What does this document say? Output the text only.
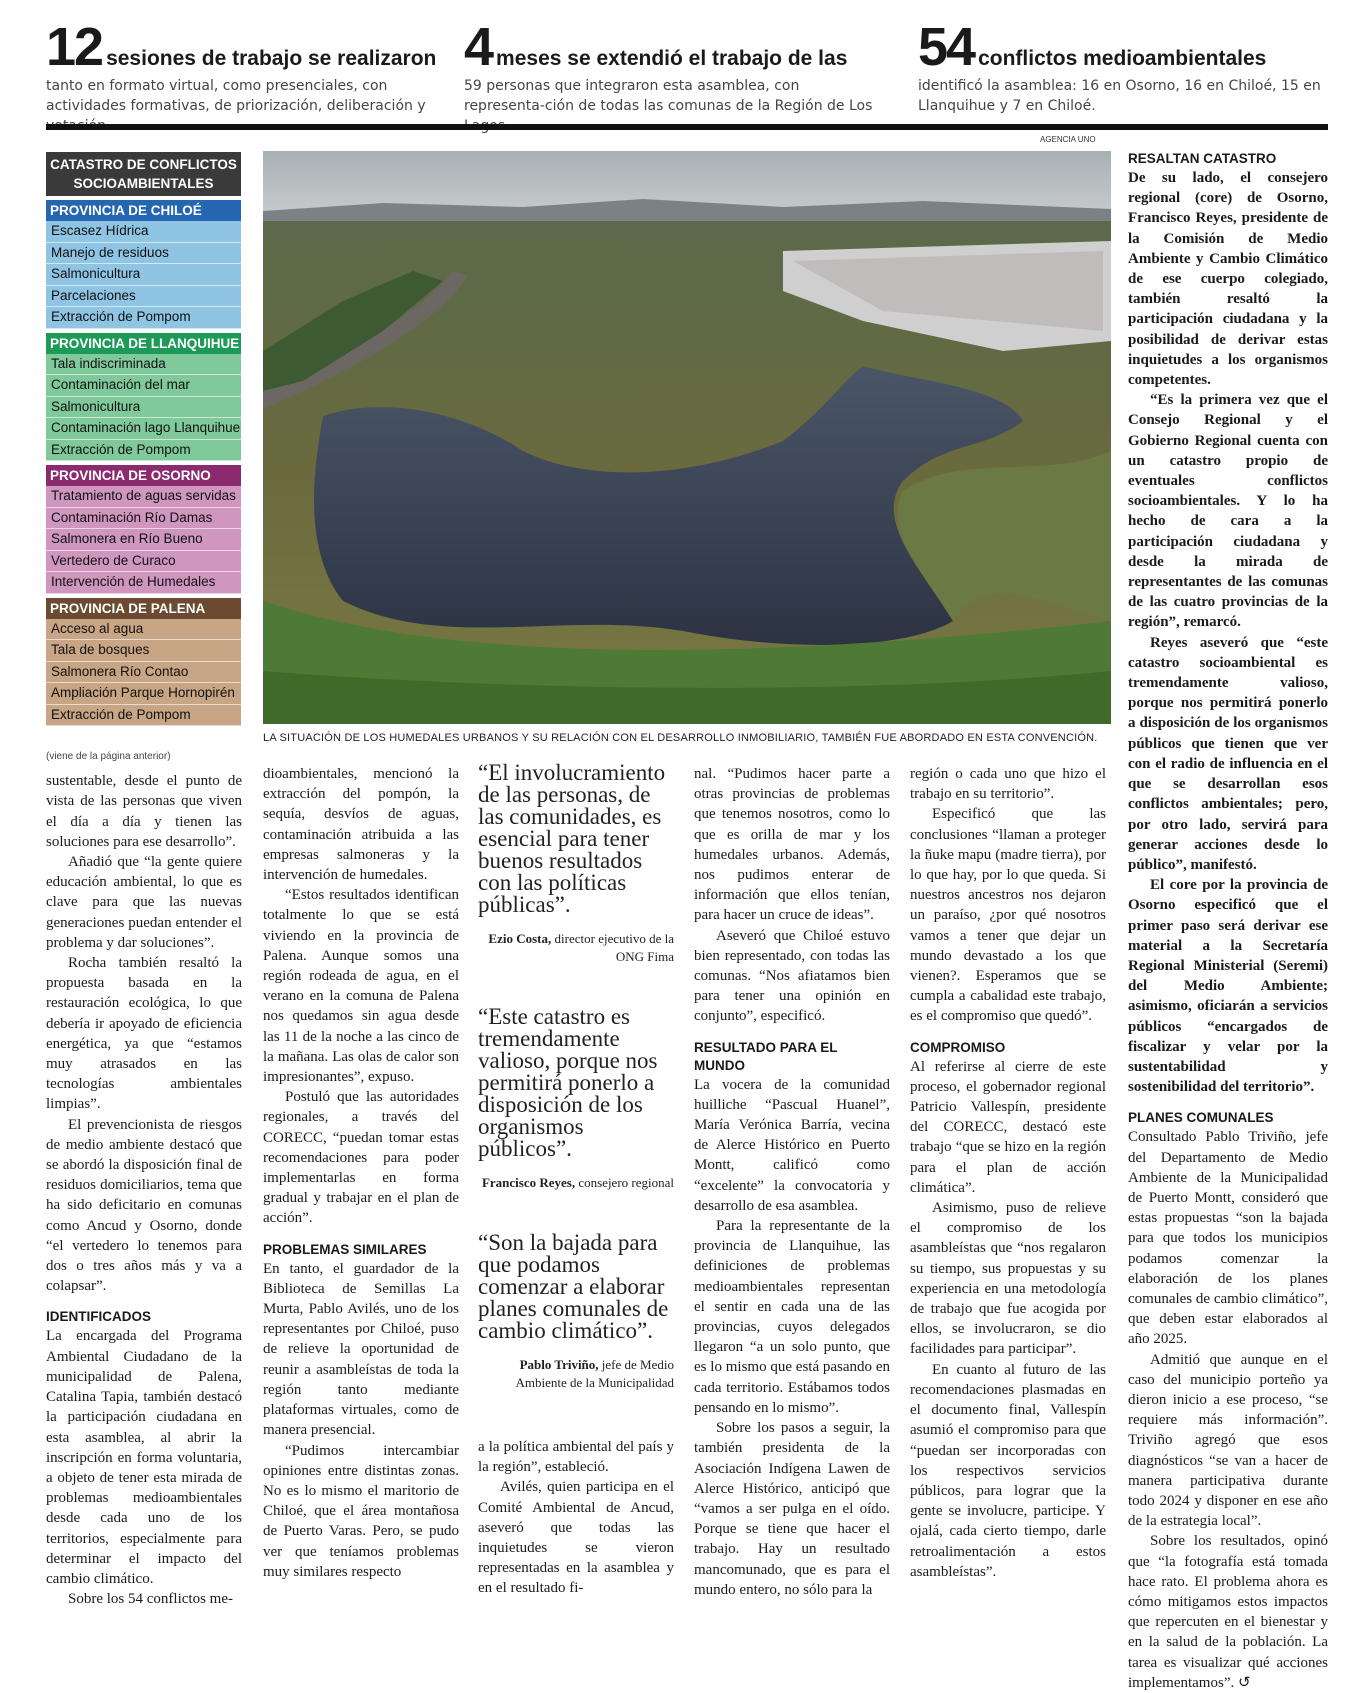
12 sesiones de trabajo se realizaron
tanto en formato virtual, como presenciales, con actividades formativas, de priorización, deliberación y
4 meses se extendió el trabajo de las
59 personas que integraron esta asamblea, con representa-ción de todas las comunas de la Región de Los
54 conflictos medioambientales
identificó la asamblea: 16 en Osorno, 16 en Chiloé, 15 en Llanquihue y 7 en Chiloé.
CATASTRO DE CONFLICTOS SOCIOAMBIENTALES
PROVINCIA DE CHILOÉ
Escasez Hídrica
Manejo de residuos
Salmonicultura
Parcelaciones
Extracción de Pompom
PROVINCIA DE LLANQUIHUE
Tala indiscriminada
Contaminación del mar
Salmonicultura
Contaminación lago Llanquihue
Extracción de Pompom
PROVINCIA DE OSORNO
Tratamiento de aguas servidas
Contaminación Río Damas
Salmonera en Río Bueno
Vertedero de Curaco
Intervención de Humedales
PROVINCIA DE PALENA
Acceso al agua
Tala de bosques
Salmonera Río Contao
Ampliación Parque Hornopirén
Extracción de Pompom
AGENCIA UNO
LA SITUACIÓN DE LOS HUMEDALES URBANOS Y SU RELACIÓN CON EL DESARROLLO INMOBILIARIO, TAMBIÉN FUE ABORDADO EN ESTA CONVENCIÓN.
(viene de la página anterior)

sustentable, desde el punto de vista de las personas que viven el día a día y tienen las soluciones para ese desarrollo”.

Añadió que “la gente quiere educación ambiental, lo que es clave para que las nuevas generaciones puedan entender el problema y dar soluciones”.

Rocha también resaltó la propuesta basada en la restauración ecológica, lo que debería ir apoyado de eficiencia energética, ya que “estamos muy atrasados en las tecnologías ambientales limpias”.

El prevencionista de riesgos de medio ambiente destacó que se abordó la disposición final de residuos domiciliarios, tema que ha sido deficitario en comunas como Ancud y Osorno, donde “el vertedero lo tenemos para dos o tres años más y va a colapsar”.

IDENTIFICADOS

La encargada del Programa Ambiental Ciudadano de la municipalidad de Palena, Catalina Tapia, también destacó la participación ciudadana en esta asamblea, al abrir la inscripción en forma voluntaria, a objeto de tener esta mirada de problemas medioambientales desde cada uno de los territorios, especialmente para determinar el impacto del cambio climático.

Sobre los 54 conflictos me-

dioambientales, mencionó la extracción del pompón, la sequía, desvíos de aguas, contaminación atribuida a las empresas salmoneras y la intervención de humedales.

“Estos resultados identifican totalmente lo que se está viviendo en la provincia de Palena. Aunque somos una región rodeada de agua, en el verano en la comuna de Palena nos quedamos sin agua desde las 11 de la noche a las cinco de la mañana. Las olas de calor son impresionantes”, expuso.

Postuló que las autoridades regionales, a través del CORECC, “puedan tomar estas recomendaciones para poder implementarlas en forma gradual y trabajar en el plan de acción”.

PROBLEMAS SIMILARES

En tanto, el guardador de la Biblioteca de Semillas La Murta, Pablo Avilés, uno de los representantes por Chiloé, puso de relieve la oportunidad de reunir a asambleístas de toda la región tanto mediante plataformas virtuales, como de manera presencial.

“Pudimos intercambiar opiniones entre distintas zonas. No es lo mismo el maritorio de Chiloé, que el área montañosa de Puerto Varas. Pero, se pudo ver que teníamos problemas muy similares respecto

“El involucramiento de las personas, de las comunidades, es esencial para tener buenos resultados con las políticas públicas”.
Ezio Costa, director ejecutivo de la ONG Fima
“Este catastro es tremendamente valioso, porque nos permitirá ponerlo a disposición de los organismos públicos”.
Francisco Reyes, consejero regional
“Son la bajada para que podamos comenzar a elaborar planes comunales de cambio climático”.
Pablo Triviño, jefe de Medio Ambiente de la Municipalidad

a la política ambiental del país y la región”, estableció.

Avilés, quien participa en el Comité Ambiental de Ancud, aseveró que todas las inquietudes se vieron representadas en la asamblea y en el resultado fi-

nal. “Pudimos hacer parte a otras provincias de problemas que tenemos nosotros, como lo que es orilla de mar y los humedales urbanos. Además, nos pudimos enterar de información que ellos tenían, para hacer un cruce de ideas”.

Aseveró que Chiloé estuvo bien representado, con todas las comunas. “Nos afiatamos bien para tener una opinión en conjunto”, especificó.

RESULTADO PARA EL MUNDO

La vocera de la comunidad huilliche “Pascual Huanel”, María Verónica Barría, vecina de Alerce Histórico en Puerto Montt, calificó como “excelente” la convocatoria y desarrollo de esa asamblea.

Para la representante de la provincia de Llanquihue, las definiciones de problemas medioambientales representan el sentir en cada una de las provincias, cuyos delegados llegaron “a un solo punto, que es lo mismo que está pasando en cada territorio. Estábamos todos pensando en lo mismo”.

Sobre los pasos a seguir, la también presidenta de la Asociación Indígena Lawen de Alerce Histórico, anticipó que “vamos a ser pulga en el oído. Porque se tiene que hacer el trabajo. Hay un resultado mancomunado, que es para el mundo entero, no sólo para la

región o cada uno que hizo el trabajo en su territorio”.

Especificó que las conclusiones “llaman a proteger la ñuke mapu (madre tierra), por lo que hay, por lo que queda. Si nuestros ancestros nos dejaron un paraíso, ¿por qué nosotros vamos a tener que dejar un mundo devastado a los que vienen?. Esperamos que se cumpla a cabalidad este trabajo, es el compromiso que quedó”.

COMPROMISO

Al referirse al cierre de este proceso, el gobernador regional Patricio Vallespín, presidente del CORECC, destacó este trabajo “que se hizo en la región para el plan de acción climática”.

Asimismo, puso de relieve el compromiso de los asambleístas que “nos regalaron su tiempo, sus propuestas y su experiencia en una metodología de trabajo que fue acogida por ellos, se involucraron, se dio facilidades para participar”.

En cuanto al futuro de las recomendaciones plasmadas en el documento final, Vallespín asumió el compromiso para que “puedan ser incorporadas con los respectivos servicios públicos, para lograr que la gente se involucre, participe. Y ojalá, cada cierto tiempo, darle retroalimentación a estos asambleístas”.

RESALTAN CATASTRO

De su lado, el consejero regional (core) de Osorno, Francisco Reyes, presidente de la Comisión de Medio Ambiente y Cambio Climático de ese cuerpo colegiado, también resaltó la participación ciudadana y la posibilidad de derivar estas inquietudes a los organismos competentes.

“Es la primera vez que el Consejo Regional y el Gobierno Regional cuenta con un catastro propio de eventuales conflictos socioambientales. Y lo ha hecho de cara a la participación ciudadana y desde la mirada de representantes de las comunas de las cuatro provincias de la región”, remarcó.

Reyes aseveró que “este catastro socioambiental es tremendamente valioso, porque nos permitirá ponerlo a disposición de los organismos públicos que tienen que ver con el radio de influencia en el que se desarrollan esos conflictos ambientales; pero, por otro lado, servirá para generar acciones desde lo público”, manifestó.

El core por la provincia de Osorno especificó que el primer paso será derivar ese material a la Secretaría Regional Ministerial (Seremi) del Medio Ambiente; asimismo, oficiarán a servicios públicos “encargados de fiscalizar y velar por la sustentabilidad y sostenibilidad del territorio”.

PLANES COMUNALES

Consultado Pablo Triviño, jefe del Departamento de Medio Ambiente de la Municipalidad de Puerto Montt, consideró que estas propuestas “son la bajada para que todos los municipios podamos comenzar la elaboración de los planes comunales de cambio climático”, que deben estar elaborados al año 2025.

Admitió que aunque en el caso del municipio porteño ya dieron inicio a ese proceso, “se requiere más información”. Triviño agregó que esos diagnósticos “se van a hacer de manera participativa durante todo 2024 y disponer en ese año de la estrategia local”.

Sobre los resultados, opinó que “la fotografía está tomada hace rato. El problema ahora es cómo mitigamos estos impactos que repercuten en el bienestar y en la salud de la población. La tarea es visualizar qué acciones implementamos”. ↺
